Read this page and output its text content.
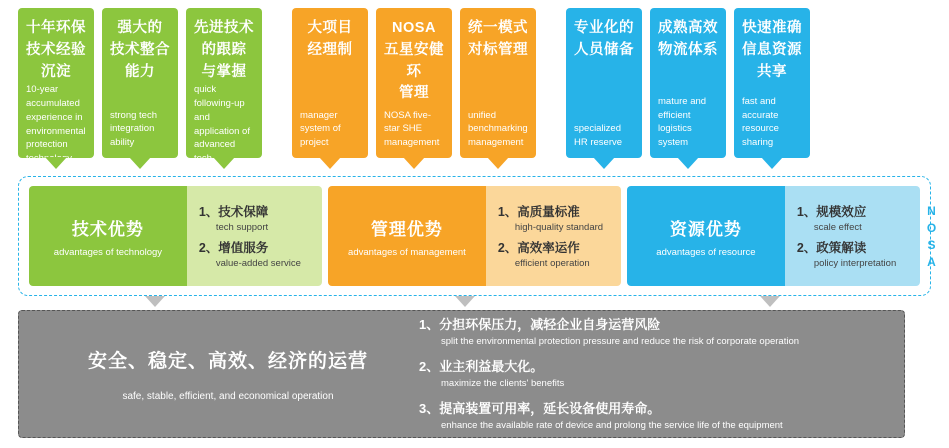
十年环保
技术经验
沉淀
10-year accumulated experience in environmental protection technology
强大的
技术整合
能力
strong tech integration ability
先进技术
的跟踪
与掌握
quick following-up and application of advanced tech
大项目
经理制
manager system of project
NOSA
五星安健环
管理
NOSA five-star SHE management
统一模式
对标管理
unified benchmarking management
专业化的
人员储备
specialized HR reserve
成熟高效
物流体系
mature and efficient logistics system
快速准确
信息资源
共享
fast and accurate resource sharing
技术优势
advantages of technology
1、技术保障
tech support
2、增值服务
value-added service
管理优势
advantages of management
1、高质量标准
high-quality standard
2、高效率运作
efficient operation
资源优势
advantages of resource
1、规模效应
scale effect
2、政策解读
policy interpretation
N
O
S
A
安全、稳定、高效、经济的运营
safe, stable, efficient, and economical operation
1、分担环保压力，减轻企业自身运营风险
split the environmental protection pressure and reduce the risk of corporate operation
2、业主利益最大化。
maximize the clients' benefits
3、提高装置可用率，延长设备使用寿命。
enhance the available rate of device and prolong the service life of the equipment
